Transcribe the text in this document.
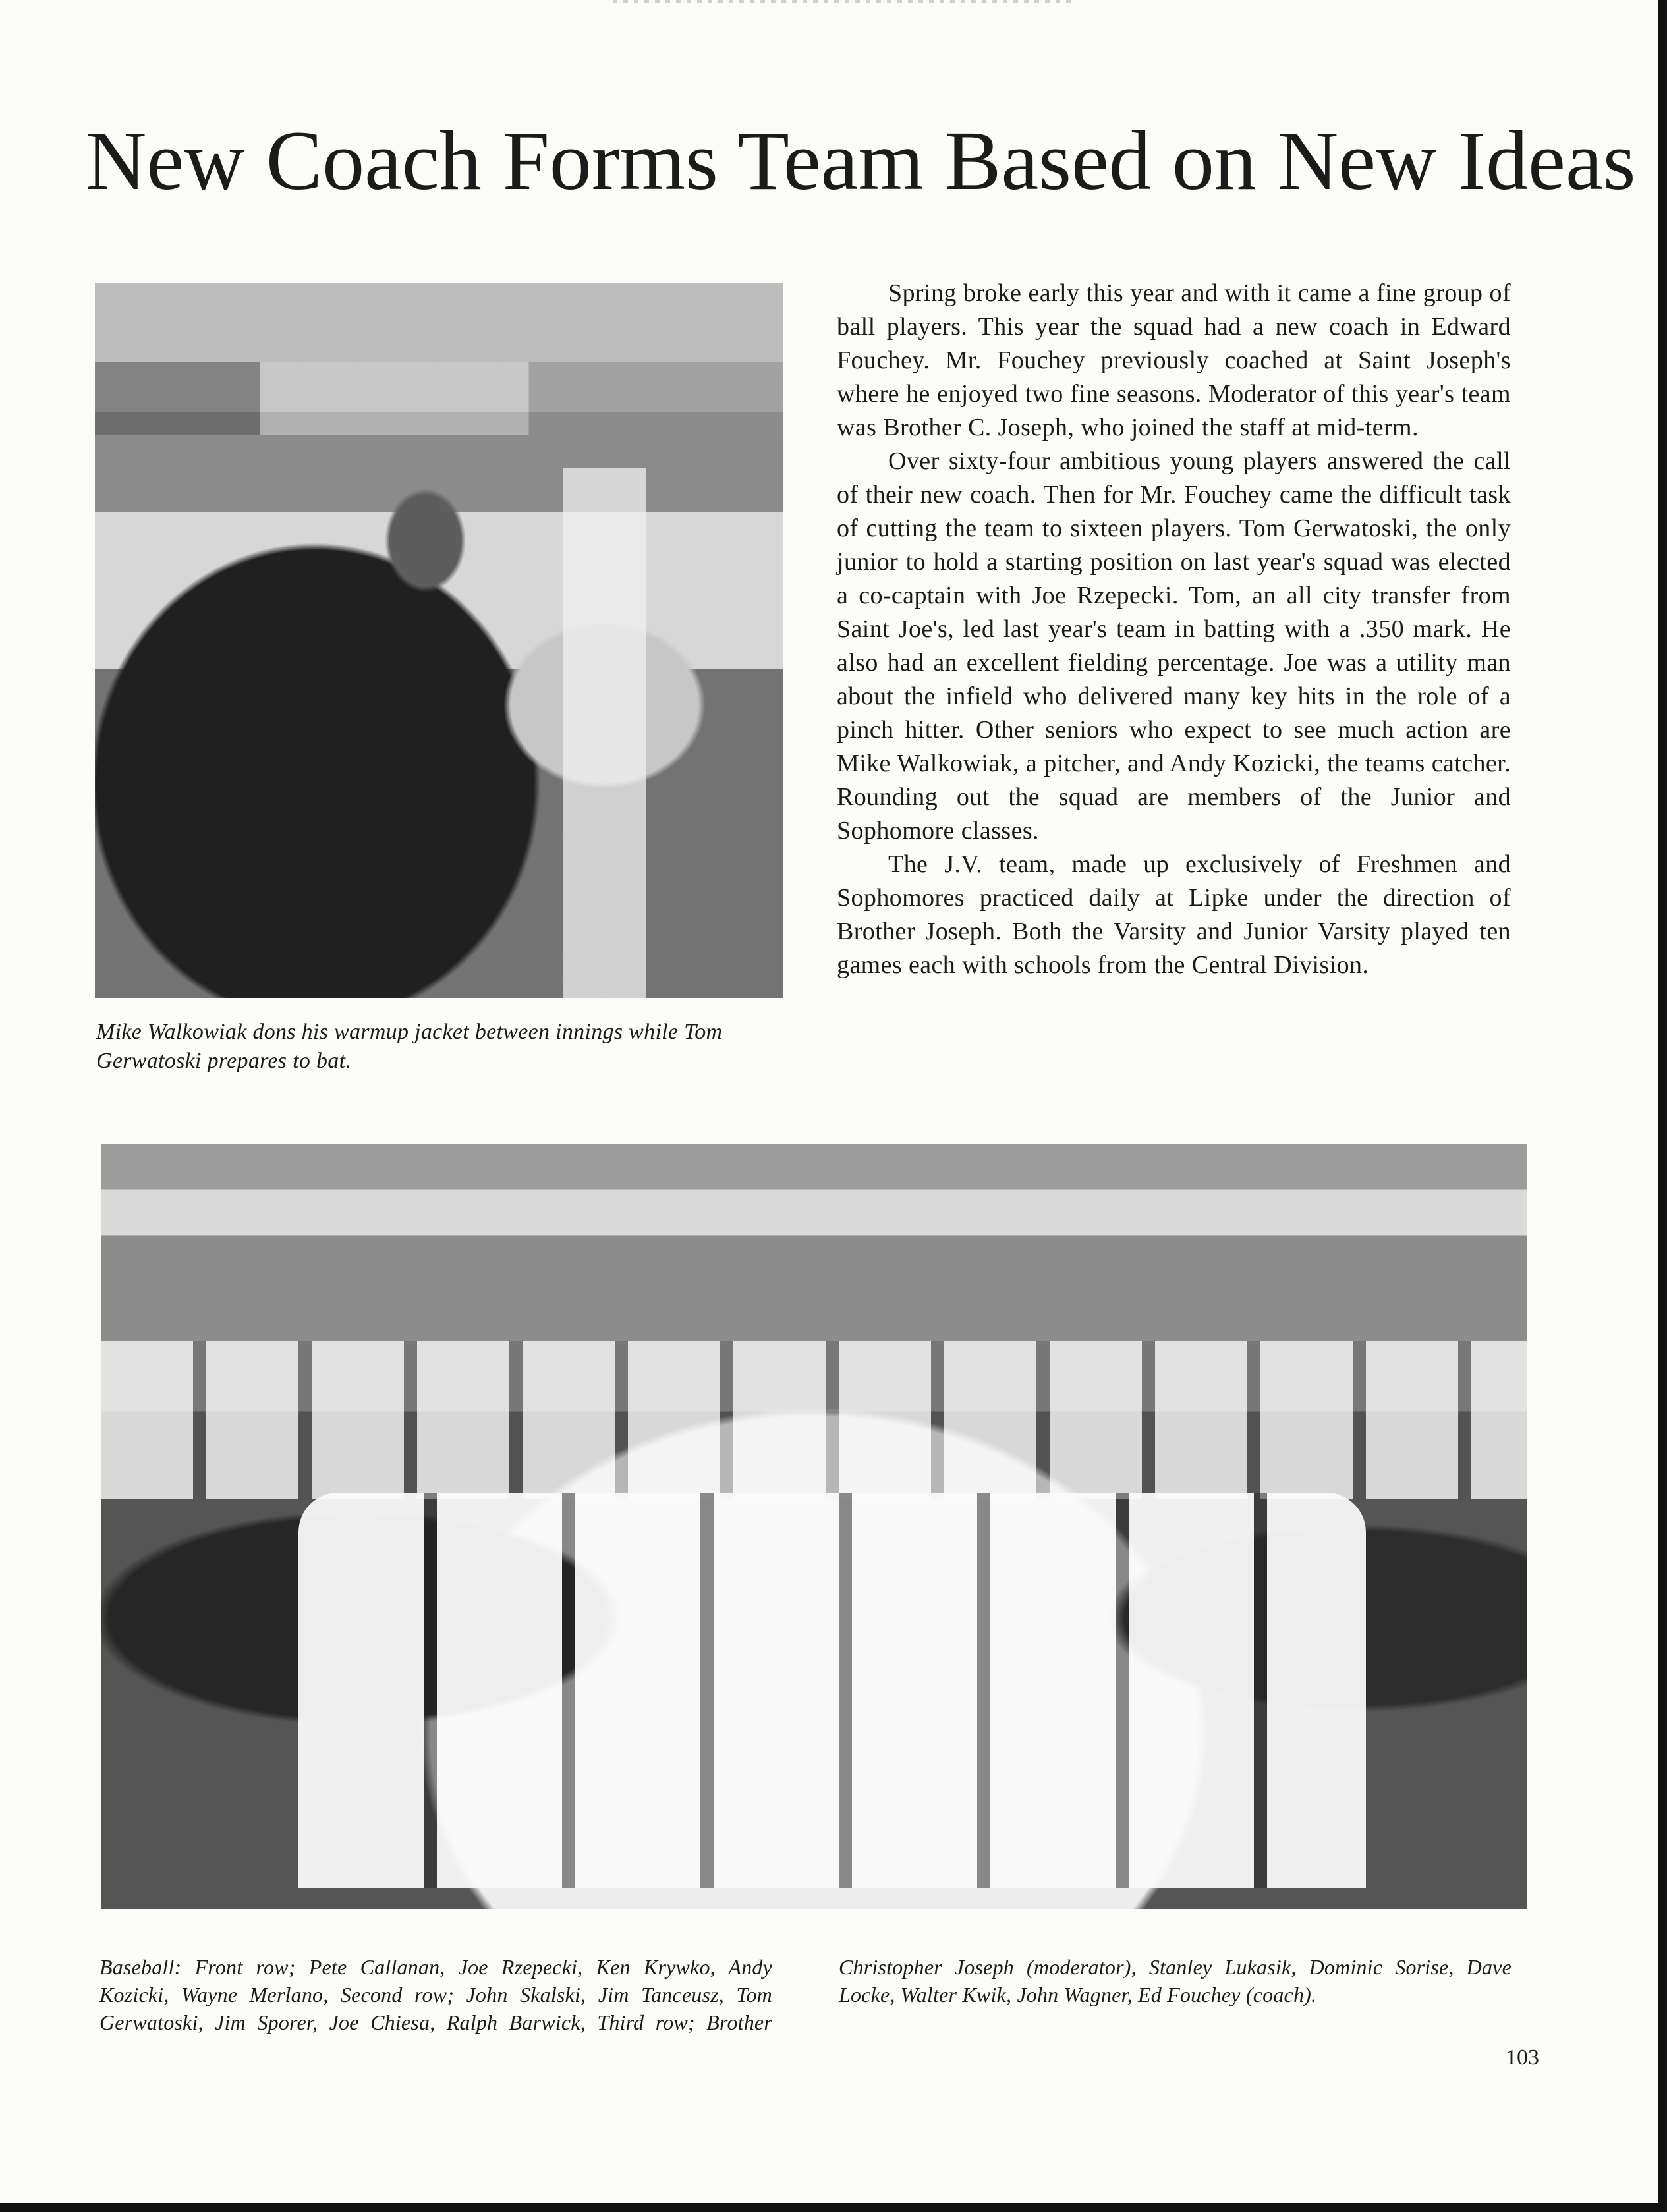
New Coach Forms Team Based on New Ideas

Mike Walkowiak dons his warmup jacket between innings while Tom Gerwatoski prepares to bat.

Spring broke early this year and with it came a fine group of ball players. This year the squad had a new coach in Edward Fouchey. Mr. Fouchey previously coached at Saint Joseph's where he enjoyed two fine seasons. Moderator of this year's team was Brother C. Joseph, who joined the staff at mid-term.

Over sixty-four ambitious young players answered the call of their new coach. Then for Mr. Fouchey came the difficult task of cutting the team to sixteen players. Tom Gerwatoski, the only junior to hold a starting position on last year's squad was elected a co-captain with Joe Rzepecki. Tom, an all city transfer from Saint Joe's, led last year's team in batting with a .350 mark. He also had an excellent fielding percentage. Joe was a utility man about the infield who delivered many key hits in the role of a pinch hitter. Other seniors who expect to see much action are Mike Walkowiak, a pitcher, and Andy Kozicki, the teams catcher. Rounding out the squad are members of the Junior and Sophomore classes.

The J.V. team, made up exclusively of Freshmen and Sophomores practiced daily at Lipke under the direction of Brother Joseph. Both the Varsity and Junior Varsity played ten games each with schools from the Central Division.

Baseball: Front row; Pete Callanan, Joe Rzepecki, Ken Krywko, Andy Kozicki, Wayne Merlano, Second row; John Skalski, Jim Tanceusz, Tom Gerwatoski, Jim Sporer, Joe Chiesa, Ralph Barwick, Third row; Brother Christopher Joseph (moderator), Stanley Lukasik, Dominic Sorise, Dave Locke, Walter Kwik, John Wagner, Ed Fouchey (coach).

103
